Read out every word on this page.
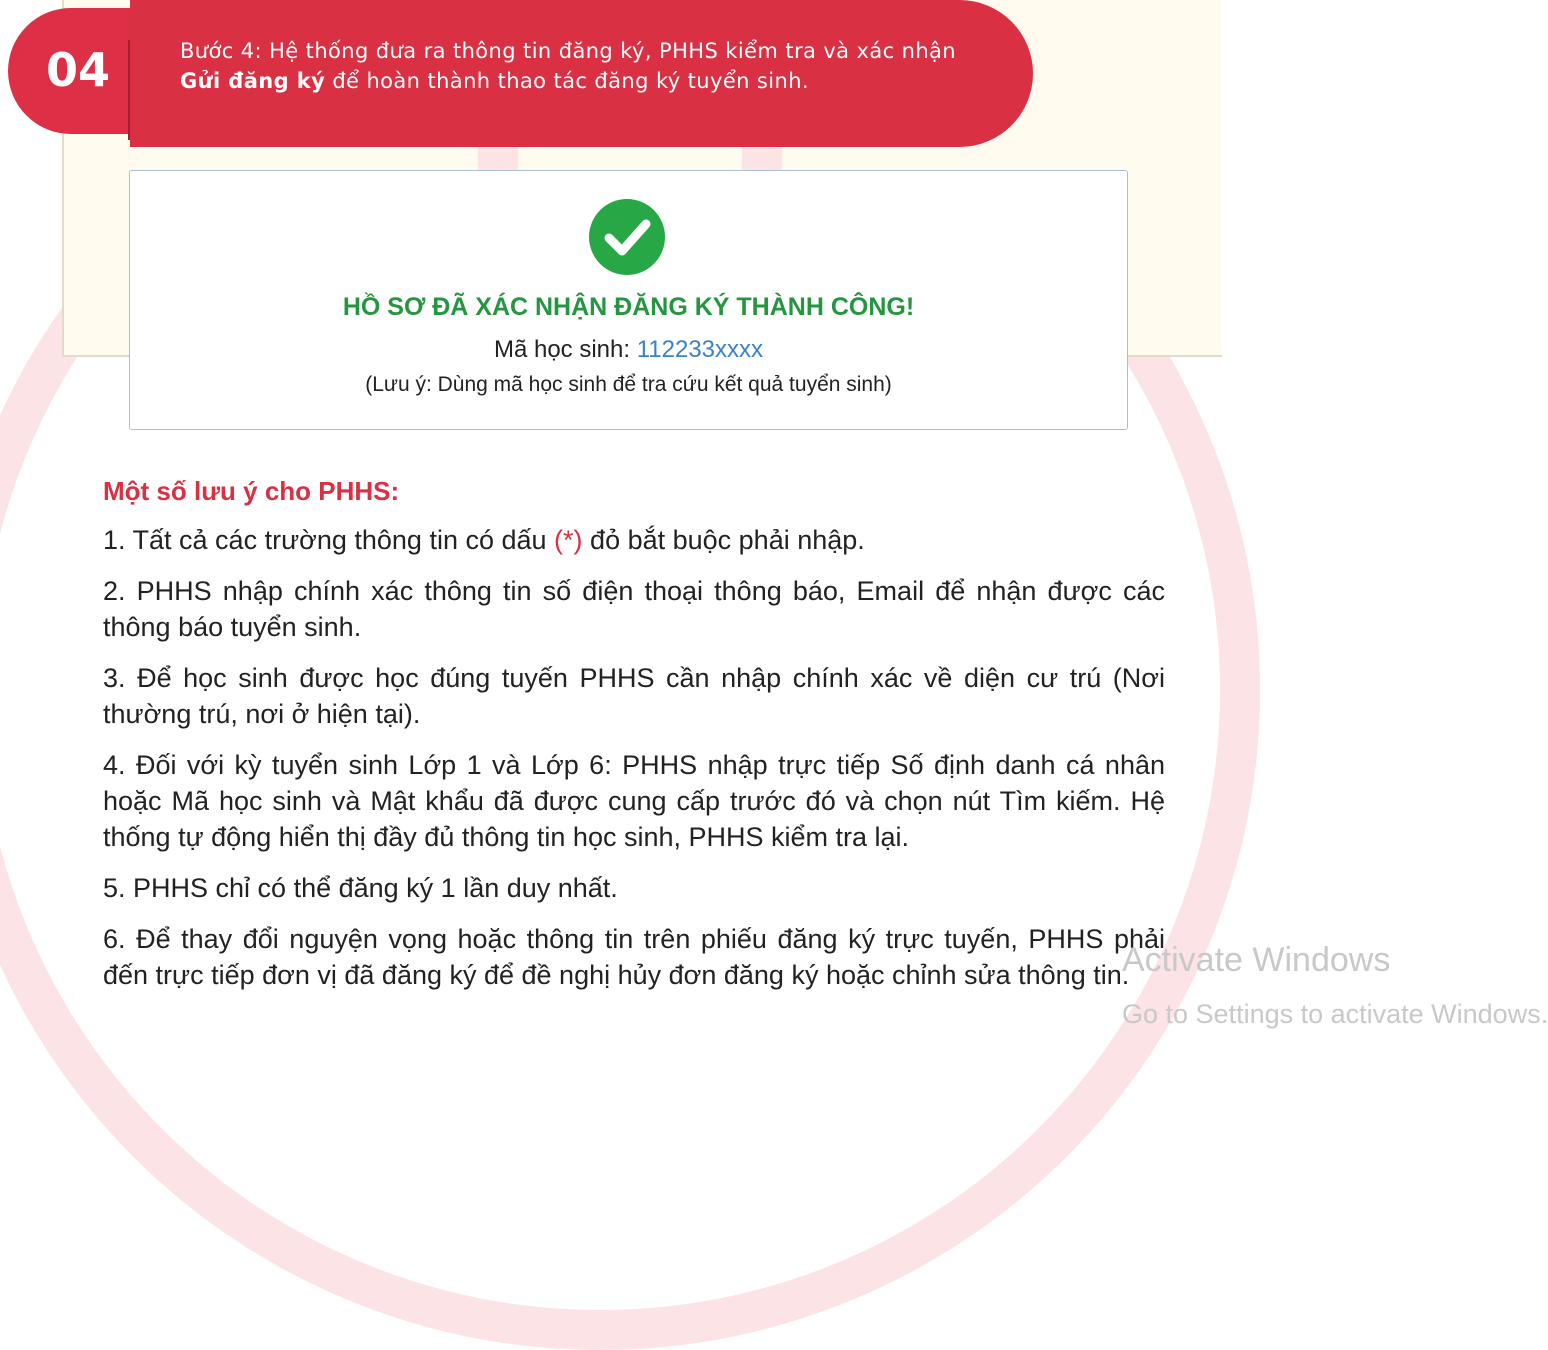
04	Bước 4: Hệ thống đưa ra thông tin đăng ký, PHHS kiểm tra và xác nhận Gửi đăng ký để hoàn thành thao tác đăng ký tuyển sinh.
HỒ SƠ ĐÃ XÁC NHẬN ĐĂNG KÝ THÀNH CÔNG!
Mã học sinh: 112233xxxx
(Lưu ý: Dùng mã học sinh để tra cứu kết quả tuyển sinh)
Một số lưu ý cho PHHS:

1. Tất cả các trường thông tin có dấu (*) đỏ bắt buộc phải nhập.

2. PHHS nhập chính xác thông tin số điện thoại thông báo, Email để nhận được các thông báo tuyển sinh.

3. Để học sinh được học đúng tuyến PHHS cần nhập chính xác về diện cư trú (Nơi thường trú, nơi ở hiện tại).

4. Đối với kỳ tuyển sinh Lớp 1 và Lớp 6: PHHS nhập trực tiếp Số định danh cá nhân hoặc Mã học sinh và Mật khẩu đã được cung cấp trước đó và chọn nút Tìm kiếm. Hệ thống tự động hiển thị đầy đủ thông tin học sinh, PHHS kiểm tra lại.

5. PHHS chỉ có thể đăng ký 1 lần duy nhất.

6. Để thay đổi nguyện vọng hoặc thông tin trên phiếu đăng ký trực tuyến, PHHS phải đến trực tiếp đơn vị đã đăng ký để đề nghị hủy đơn đăng ký hoặc chỉnh sửa thông tin.

Activate Windows
Go to Settings to activate Windows.
